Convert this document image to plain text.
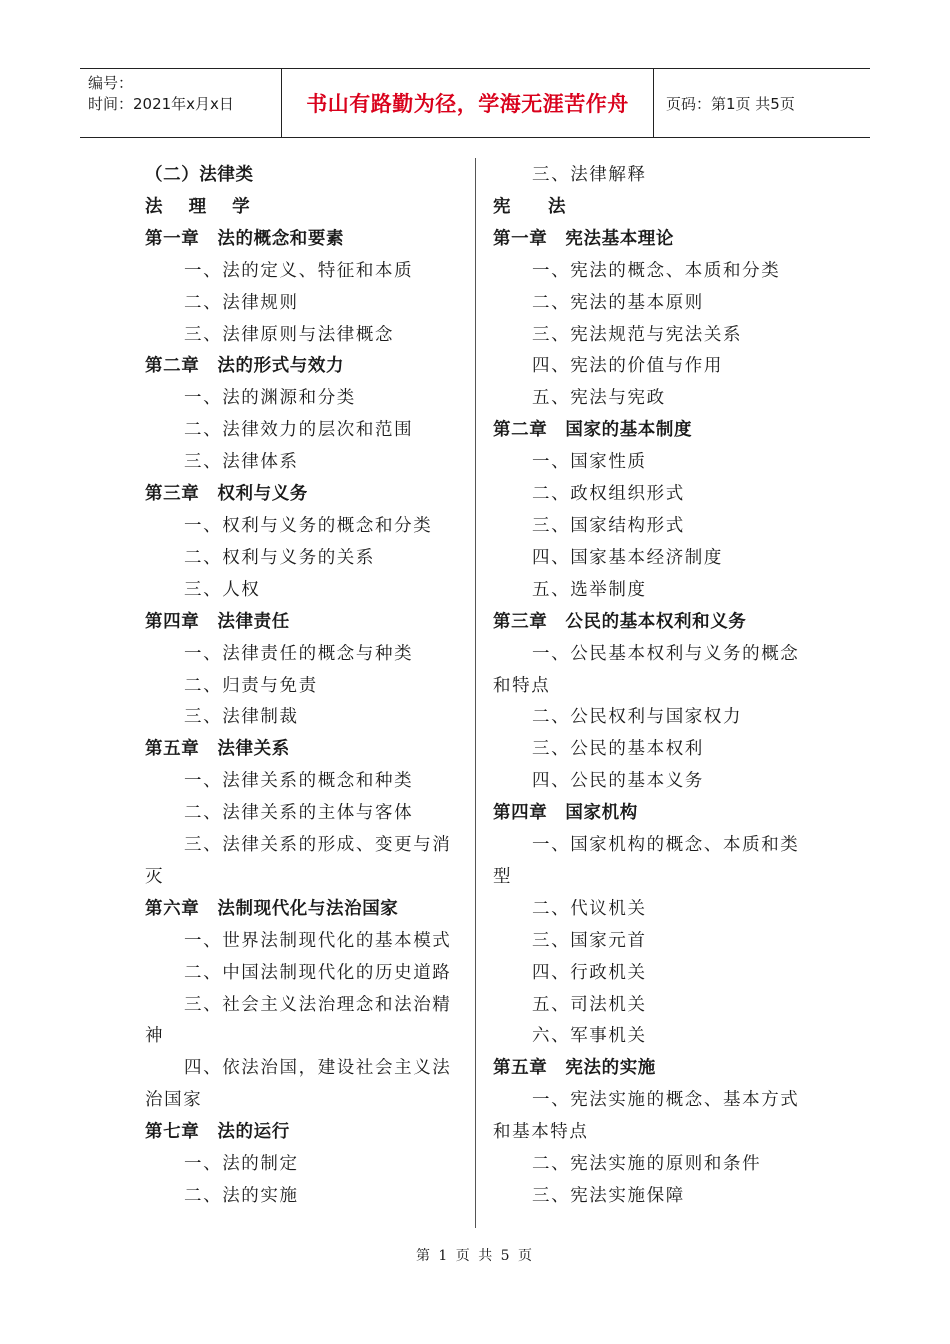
编号：
时间：2021年x月x日	书山有路勤为径，学海无涯苦作舟	页码：第1页 共5页
（二）法律类
法 理 学
第一章　法的概念和要素
一、法的定义、特征和本质
二、法律规则
三、法律原则与法律概念
第二章　法的形式与效力
一、法的渊源和分类
二、法律效力的层次和范围
三、法律体系
第三章　权利与义务
一、权利与义务的概念和分类
二、权利与义务的关系
三、人权
第四章　法律责任
一、法律责任的概念与种类
二、归责与免责
三、法律制裁
第五章　法律关系
一、法律关系的概念和种类
二、法律关系的主体与客体
三、法律关系的形成、变更与消
灭
第六章　法制现代化与法治国家
一、世界法制现代化的基本模式
二、中国法制现代化的历史道路
三、社会主义法治理念和法治精
神
四、依法治国，建设社会主义法
治国家
第七章　法的运行
一、法的制定
二、法的实施
三、法律解释
宪　法
第一章　宪法基本理论
一、宪法的概念、本质和分类
二、宪法的基本原则
三、宪法规范与宪法关系
四、宪法的价值与作用
五、宪法与宪政
第二章　国家的基本制度
一、国家性质
二、政权组织形式
三、国家结构形式
四、国家基本经济制度
五、选举制度
第三章　公民的基本权利和义务
一、公民基本权利与义务的概念
和特点
二、公民权利与国家权力
三、公民的基本权利
四、公民的基本义务
第四章　国家机构
一、国家机构的概念、本质和类
型
二、代议机关
三、国家元首
四、行政机关
五、司法机关
六、军事机关
第五章　宪法的实施
一、宪法实施的概念、基本方式
和基本特点
二、宪法实施的原则和条件
三、宪法实施保障
第 1 页 共 5 页
